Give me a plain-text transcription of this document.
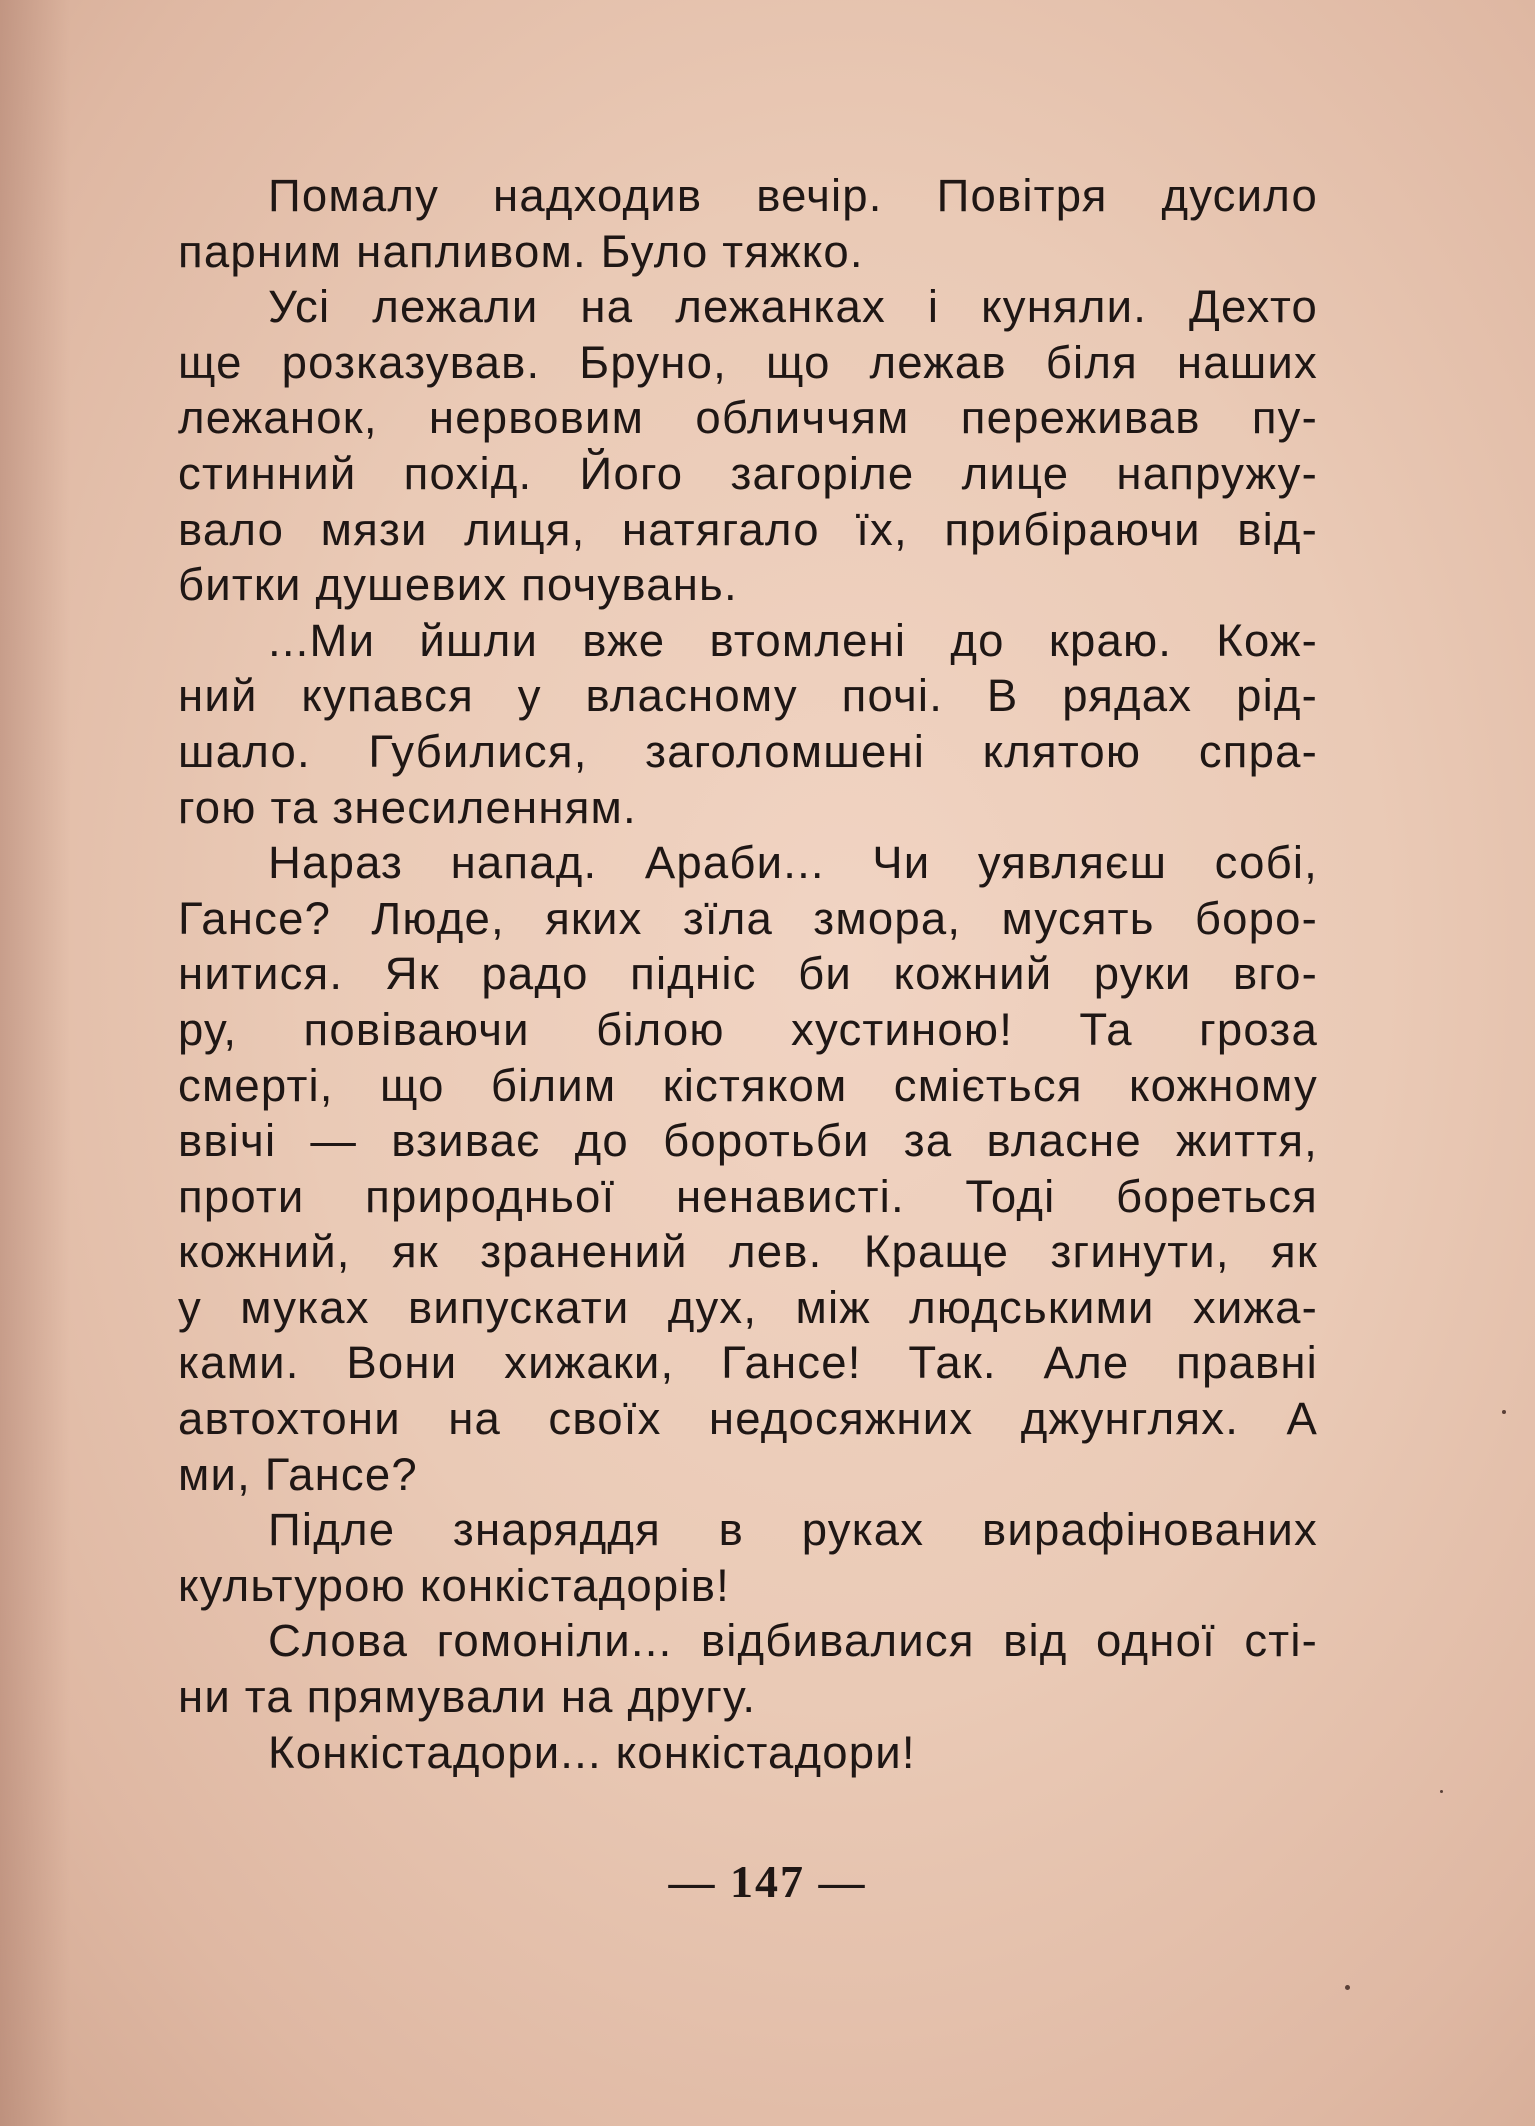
Помалу надходив вечір. Повітря дусило
парним напливом. Було тяжко.
Усі лежали на лежанках і куняли. Дехто
ще розказував. Бруно, що лежав біля наших
лежанок, нервовим обличчям переживав пу-
стинний похід. Його загоріле лице напружу-
вало мязи лиця, натягало їх, прибіраючи від-
битки душевих почувань.
...Ми йшли вже втомлені до краю. Кож-
ний купався у власному почі. В рядах рід-
шало. Губилися, заголомшені клятою спра-
гою та знесиленням.
Нараз напад. Араби... Чи уявляєш собі,
Гансе? Люде, яких зїла змора, мусять боро-
нитися. Як радо підніс би кожний руки вго-
ру, повіваючи білою хустиною! Та гроза
смерті, що білим кістяком сміється кожному
ввічі — взиває до боротьби за власне життя,
проти природньої ненависті. Тоді бореться
кожний, як зранений лев. Краще згинути, як
у муках випускати дух, між людськими хижа-
ками. Вони хижаки, Гансе! Так. Але правні
автохтони на своїх недосяжних джунглях. А
ми, Гансе?
Підле знаряддя в руках вирафінованих
культурою конкістадорів!
Слова гомоніли... відбивалися від одної сті-
ни та прямували на другу.
Конкістадори... конкістадори!
— 147 —
